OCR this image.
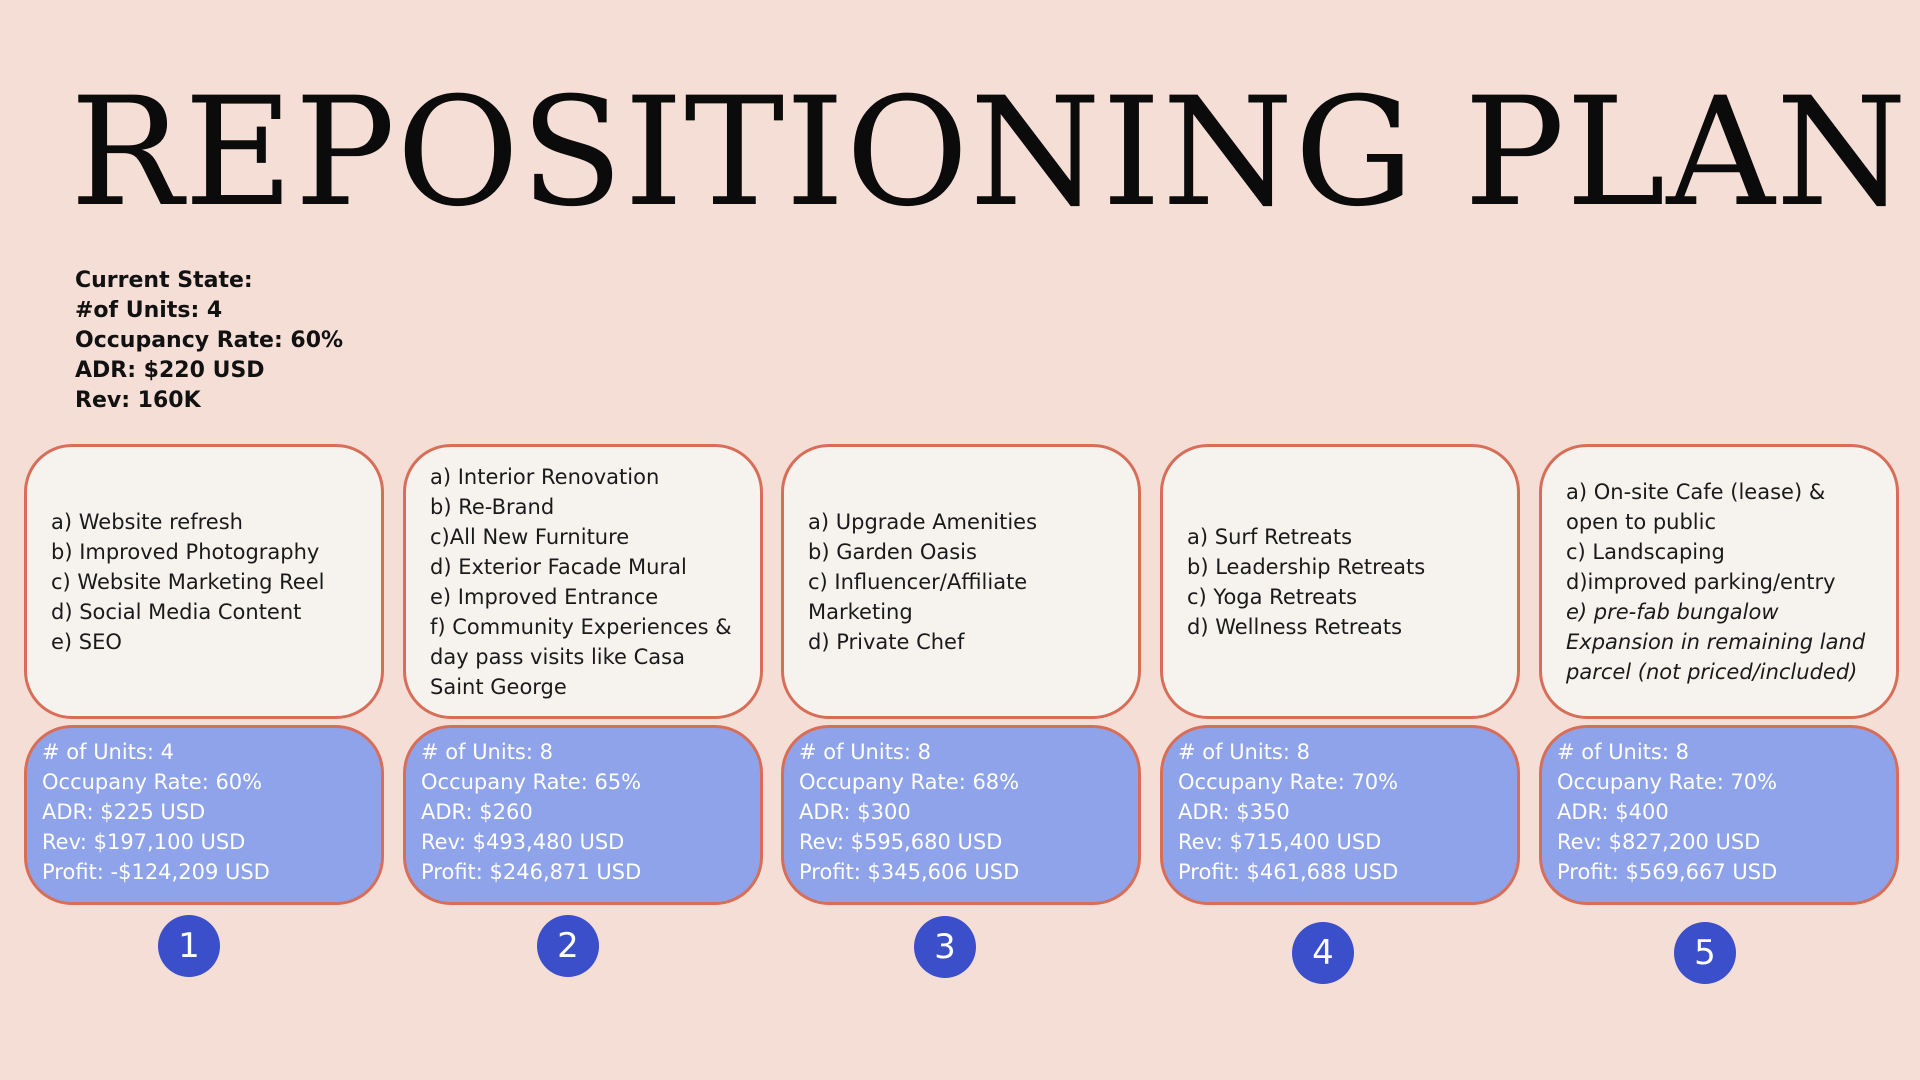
REPOSITIONING PLAN
Current State:
#of Units: 4
Occupancy Rate: 60%
ADR: $220 USD
Rev: 160K
a) Website refresh
b) Improved Photography
c) Website Marketing Reel
d) Social Media Content
e) SEO
# of Units: 4
Occupany Rate: 60%
ADR: $225 USD
Rev: $197,100 USD
Profit: -$124,209 USD
a) Interior Renovation
b) Re-Brand
c)All New Furniture
d) Exterior Facade Mural
e) Improved Entrance
f) Community Experiences & day pass visits like Casa Saint George
# of Units: 8
Occupany Rate: 65%
ADR: $260
Rev: $493,480 USD
Profit: $246,871 USD
a) Upgrade Amenities
b) Garden Oasis
c) Influencer/Affiliate Marketing
d) Private Chef
# of Units: 8
Occupany Rate: 68%
ADR: $300
Rev: $595,680 USD
Profit: $345,606 USD
a) Surf Retreats
b) Leadership Retreats
c) Yoga Retreats
d) Wellness Retreats
# of Units: 8
Occupany Rate: 70%
ADR: $350
Rev: $715,400 USD
Profit: $461,688 USD
a) On-site Cafe (lease) & open to public
c) Landscaping
d)improved parking/entry
e) pre-fab bungalow Expansion in remaining land parcel (not priced/included)
# of Units: 8
Occupany Rate: 70%
ADR: $400
Rev: $827,200 USD
Profit: $569,667 USD
1	2	3	4	5
